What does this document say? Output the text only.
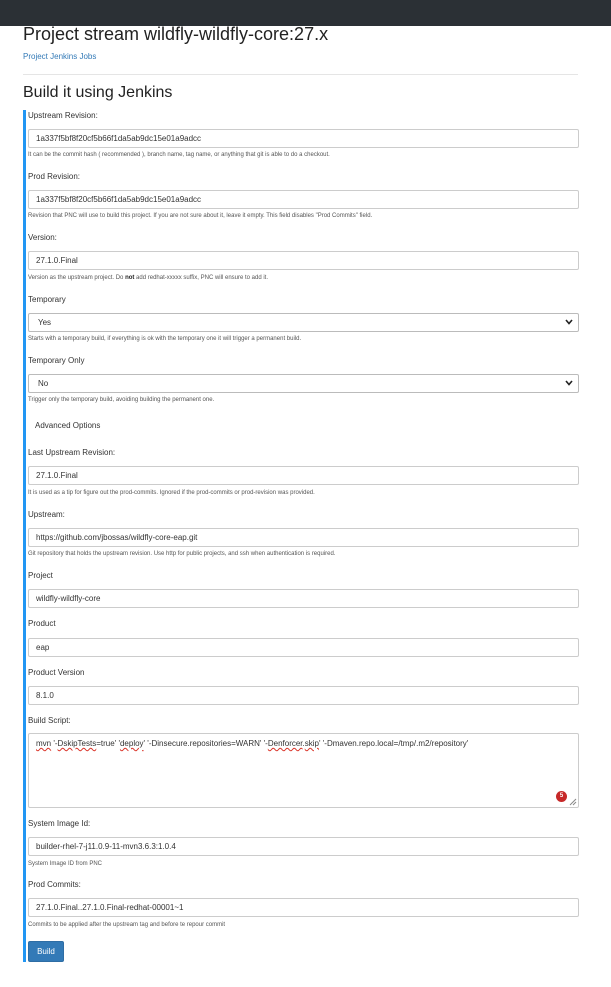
Project stream wildfly-wildfly-core:27.x
Project Jenkins Jobs
Build it using Jenkins
Upstream Revision:
1a337f5bf8f20cf5b66f1da5ab9dc15e01a9adcc
It can be the commit hash ( recommended ), branch name, tag name, or anything that git is able to do a checkout.
Prod Revision:
1a337f5bf8f20cf5b66f1da5ab9dc15e01a9adcc
Revision that PNC will use to build this project. If you are not sure about it, leave it empty. This field disables "Prod Commits" field.
Version:
27.1.0.Final
Version as the upstream project. Do not add redhat-xxxxx suffix, PNC will ensure to add it.
Temporary
Yes
Starts with a temporary build, if everything is ok with the temporary one it will trigger a permanent build.
Temporary Only
No
Trigger only the temporary build, avoiding building the permanent one.
Advanced Options
Last Upstream Revision:
27.1.0.Final
It is used as a tip for figure out the prod-commits. Ignored if the prod-commits or prod-revision was provided.
Upstream:
https://github.com/jbossas/wildfly-core-eap.git
Git repository that holds the upstream revision. Use http for public projects, and ssh when authentication is required.
Project
wildfly-wildfly-core
Product
eap
Product Version
8.1.0
Build Script:
mvn '-DskipTests=true' 'deploy' '-Dinsecure.repositories=WARN' '-Denforcer.skip' '-Dmaven.repo.local=/tmp/.m2/repository'
5
System Image Id:
builder-rhel-7-j11.0.9-11-mvn3.6.3:1.0.4
System Image ID from PNC
Prod Commits:
27.1.0.Final..27.1.0.Final-redhat-00001~1
Commits to be applied after the upstream tag and before te repour commit
Build
